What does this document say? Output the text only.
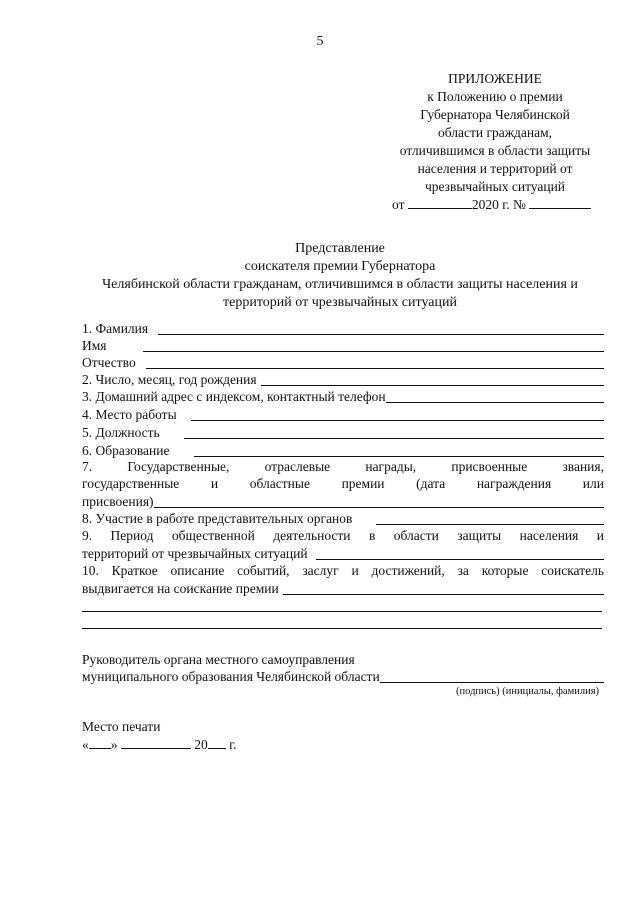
5
ПРИЛОЖЕНИЕ
к Положению о премии
Губернатора Челябинской
области гражданам,
отличившимся в области защиты
населения и территорий от
чрезвычайных ситуаций
от	2020 г. №
Представление
соискателя премии Губернатора
Челябинской области гражданам, отличившимся в области защиты населения и
территорий от чрезвычайных ситуаций
1. Фамилия
Имя
Отчество
2. Число, месяц, год рождения
3. Домашний адрес с индексом, контактный телефон
4. Место работы
5. Должность
6. Образование
7. Государственные, отраслевые награды, присвоенные звания,
государственные и областные премии (дата награждения или
присвоения)
8. Участие в работе представительных органов
9. Период общественной деятельности в области защиты населения и
территорий от чрезвычайных ситуаций
10. Краткое описание событий, заслуг и достижений, за которые соискатель
выдвигается на соискание премии
Руководитель органа местного самоуправления
муниципального образования Челябинской области
(подпись) (инициалы, фамилия)
Место печати
« »	20 г.
